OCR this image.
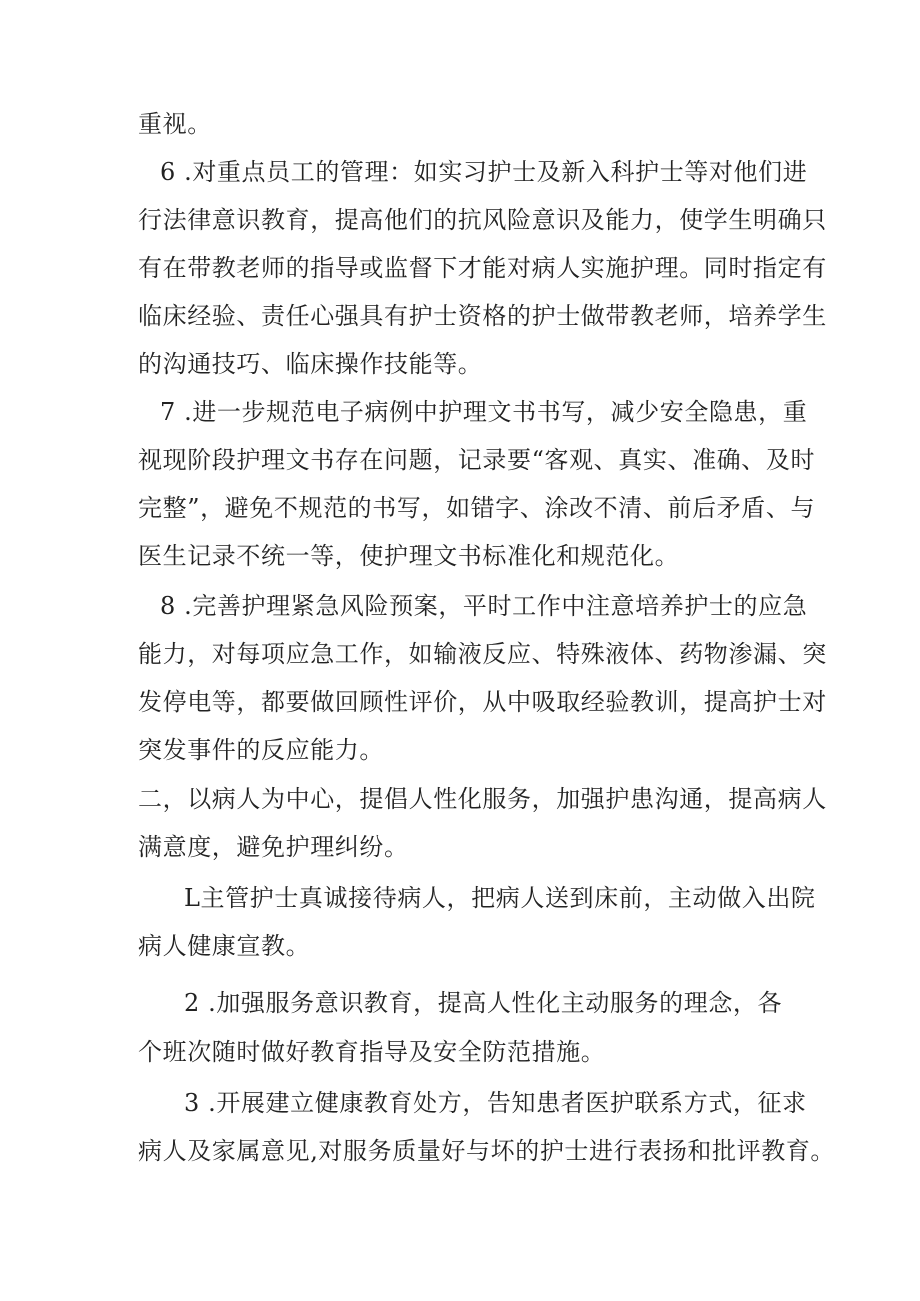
重视。
6 .对重点员工的管理：如实习护士及新入科护士等对他们进
行法律意识教育，提高他们的抗风险意识及能力，使学生明确只
有在带教老师的指导或监督下才能对病人实施护理。同时指定有
临床经验、责任心强具有护士资格的护士做带教老师，培养学生
的沟通技巧、临床操作技能等。
7 .进一步规范电子病例中护理文书书写，减少安全隐患，重
视现阶段护理文书存在问题，记录要“客观、真实、准确、及时
完整”，避免不规范的书写，如错字、涂改不清、前后矛盾、与
医生记录不统一等，使护理文书标准化和规范化。
8 .完善护理紧急风险预案，平时工作中注意培养护士的应急
能力，对每项应急工作，如输液反应、特殊液体、药物渗漏、突
发停电等，都要做回顾性评价，从中吸取经验教训，提高护士对
突发事件的反应能力。
二，以病人为中心，提倡人性化服务，加强护患沟通，提高病人
满意度，避免护理纠纷。
L主管护士真诚接待病人，把病人送到床前，主动做入出院
病人健康宣教。
2 .加强服务意识教育，提高人性化主动服务的理念，各
个班次随时做好教育指导及安全防范措施。
3 .开展建立健康教育处方，告知患者医护联系方式，征求
病人及家属意见,对服务质量好与坏的护士进行表扬和批评教育。
